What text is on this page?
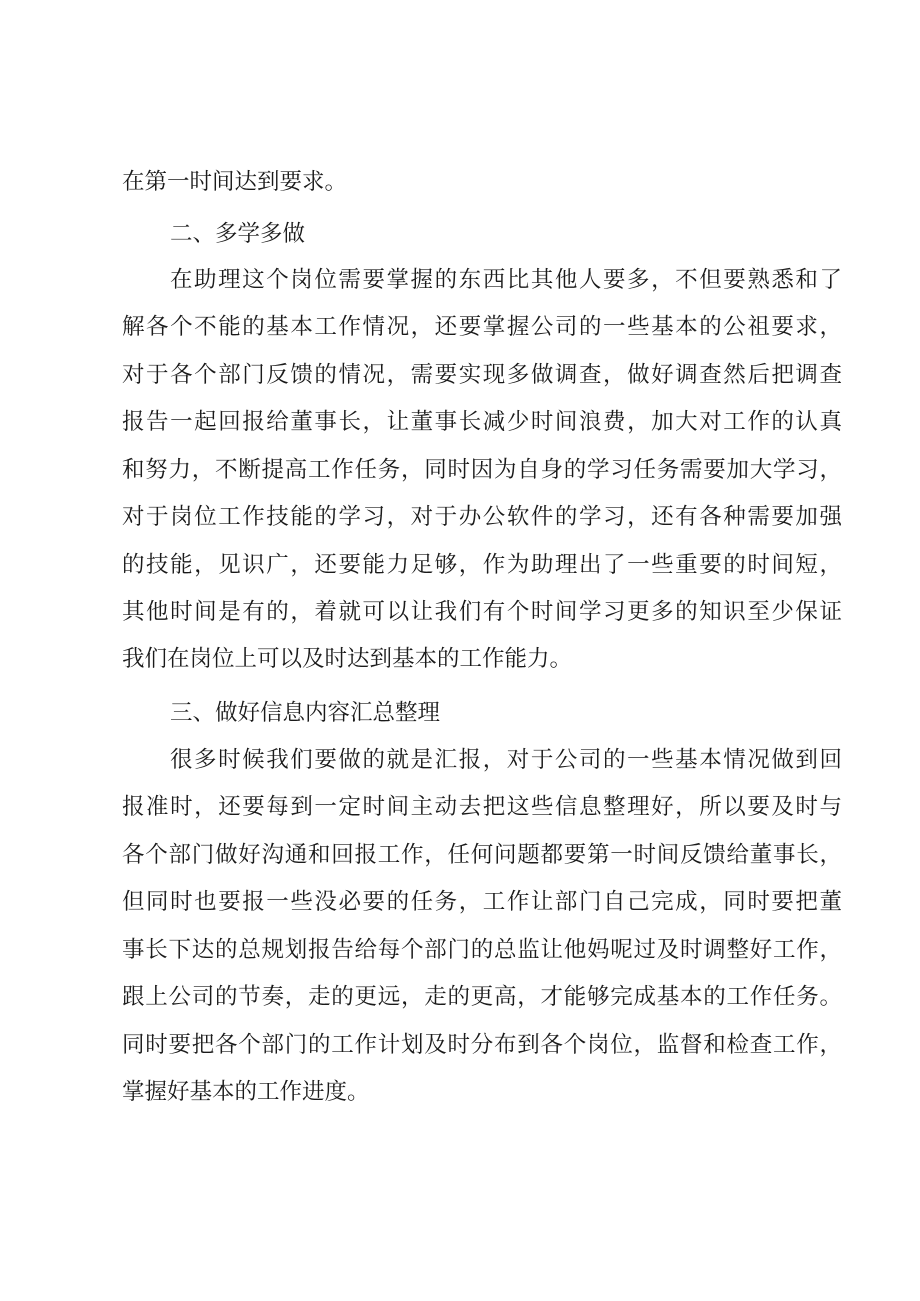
在第一时间达到要求。
二、多学多做
在助理这个岗位需要掌握的东西比其他人要多，不但要熟悉和了
解各个不能的基本工作情况，还要掌握公司的一些基本的公祖要求，
对于各个部门反馈的情况，需要实现多做调查，做好调查然后把调查
报告一起回报给董事长，让董事长减少时间浪费，加大对工作的认真
和努力，不断提高工作任务，同时因为自身的学习任务需要加大学习，
对于岗位工作技能的学习，对于办公软件的学习，还有各种需要加强
的技能，见识广，还要能力足够，作为助理出了一些重要的时间短，
其他时间是有的，着就可以让我们有个时间学习更多的知识至少保证
我们在岗位上可以及时达到基本的工作能力。
三、做好信息内容汇总整理
很多时候我们要做的就是汇报，对于公司的一些基本情况做到回
报准时，还要每到一定时间主动去把这些信息整理好，所以要及时与
各个部门做好沟通和回报工作，任何问题都要第一时间反馈给董事长，
但同时也要报一些没必要的任务，工作让部门自己完成，同时要把董
事长下达的总规划报告给每个部门的总监让他妈呢过及时调整好工作，
跟上公司的节奏，走的更远，走的更高，才能够完成基本的工作任务。
同时要把各个部门的工作计划及时分布到各个岗位，监督和检查工作，
掌握好基本的工作进度。
